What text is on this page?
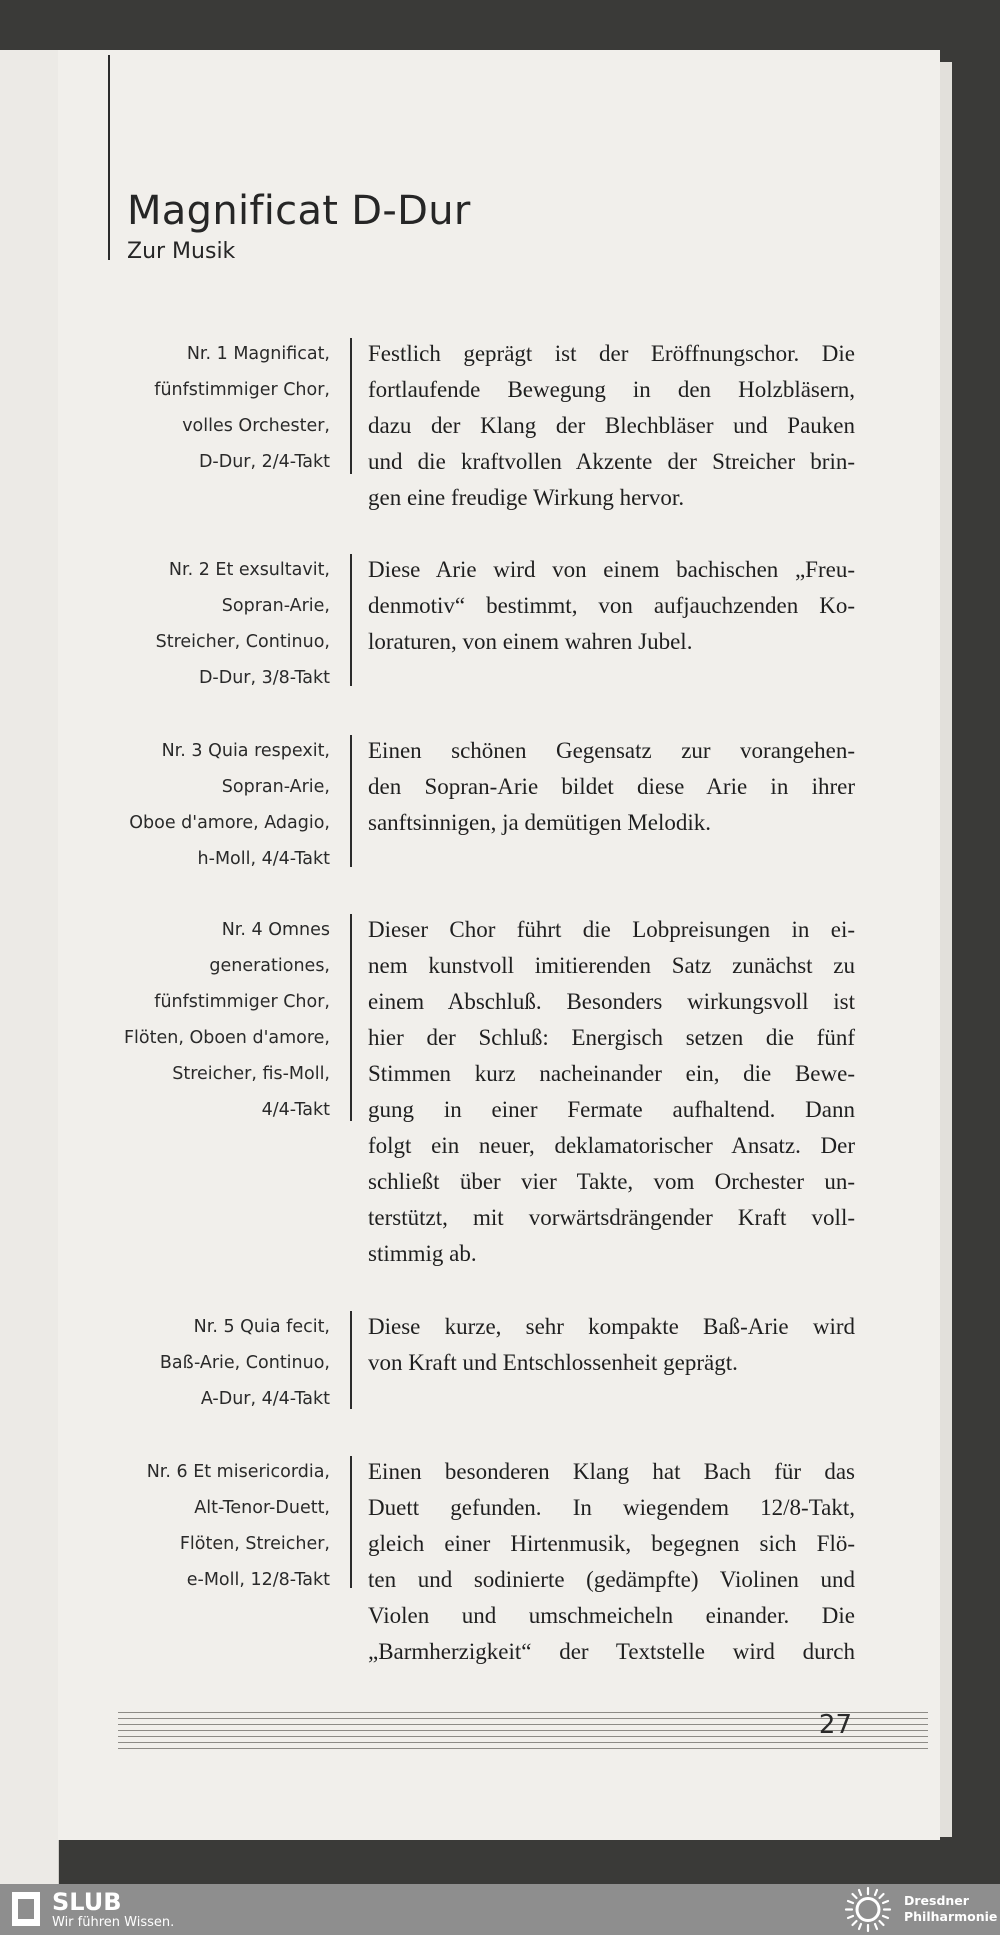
Magnificat D-Dur
Zur Musik
Nr. 1 Magnificat,
fünfstimmiger Chor,
volles Orchester,
D-Dur, 2/4-Takt
Festlich geprägt ist der Eröffnungschor. Die
fortlaufende Bewegung in den Holzbläsern,
dazu der Klang der Blechbläser und Pauken
und die kraftvollen Akzente der Streicher brin-
gen eine freudige Wirkung hervor.
Nr. 2 Et exsultavit,
Sopran-Arie,
Streicher, Continuo,
D-Dur, 3/8-Takt
Diese Arie wird von einem bachischen „Freu-
denmotiv“ bestimmt, von aufjauchzenden Ko-
loraturen, von einem wahren Jubel.
Nr. 3 Quia respexit,
Sopran-Arie,
Oboe d'amore, Adagio,
h-Moll, 4/4-Takt
Einen schönen Gegensatz zur vorangehen-
den Sopran-Arie bildet diese Arie in ihrer
sanftsinnigen, ja demütigen Melodik.
Nr. 4 Omnes
generationes,
fünfstimmiger Chor,
Flöten, Oboen d'amore,
Streicher, fis-Moll,
4/4-Takt
Dieser Chor führt die Lobpreisungen in ei-
nem kunstvoll imitierenden Satz zunächst zu
einem Abschluß. Besonders wirkungsvoll ist
hier der Schluß: Energisch setzen die fünf
Stimmen kurz nacheinander ein, die Bewe-
gung in einer Fermate aufhaltend. Dann
folgt ein neuer, deklamatorischer Ansatz. Der
schließt über vier Takte, vom Orchester un-
terstützt, mit vorwärtsdrängender Kraft voll-
stimmig ab.
Nr. 5 Quia fecit,
Baß-Arie, Continuo,
A-Dur, 4/4-Takt
Diese kurze, sehr kompakte Baß-Arie wird
von Kraft und Entschlossenheit geprägt.
Nr. 6 Et misericordia,
Alt-Tenor-Duett,
Flöten, Streicher,
e-Moll, 12/8-Takt
Einen besonderen Klang hat Bach für das
Duett gefunden. In wiegendem 12/8-Takt,
gleich einer Hirtenmusik, begegnen sich Flö-
ten und sodinierte (gedämpfte) Violinen und
Violen und umschmeicheln einander. Die
„Barmherzigkeit“ der Textstelle wird durch
27
SLUB
Wir führen Wissen.
Dresdner
Philharmonie
